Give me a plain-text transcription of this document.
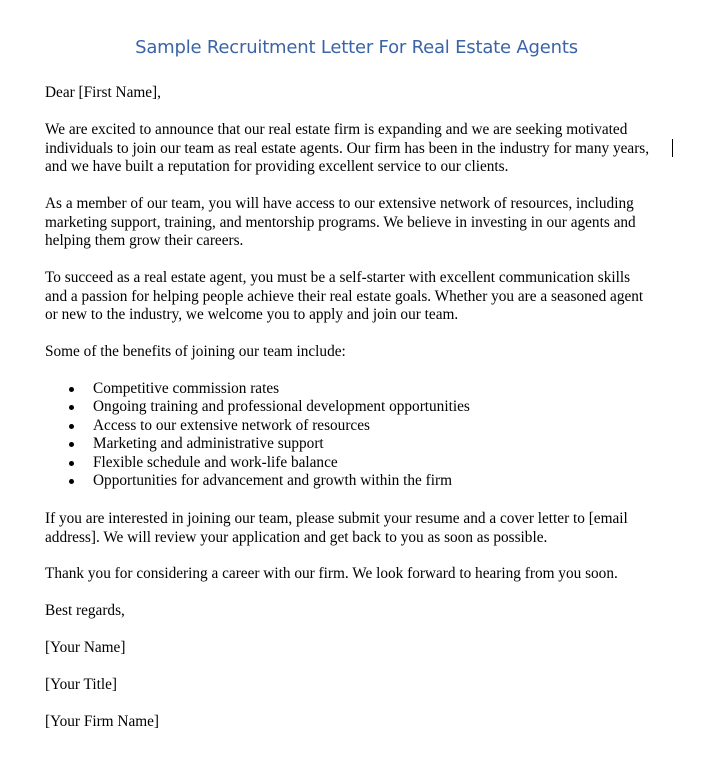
Sample Recruitment Letter For Real Estate Agents

Dear [First Name],

We are excited to announce that our real estate firm is expanding and we are seeking motivated
individuals to join our team as real estate agents. Our firm has been in the industry for many years,
and we have built a reputation for providing excellent service to our clients.

As a member of our team, you will have access to our extensive network of resources, including
marketing support, training, and mentorship programs. We believe in investing in our agents and
helping them grow their careers.

To succeed as a real estate agent, you must be a self-starter with excellent communication skills
and a passion for helping people achieve their real estate goals. Whether you are a seasoned agent
or new to the industry, we welcome you to apply and join our team.

Some of the benefits of joining our team include:

Competitive commission rates
Ongoing training and professional development opportunities
Access to our extensive network of resources
Marketing and administrative support
Flexible schedule and work-life balance
Opportunities for advancement and growth within the firm

If you are interested in joining our team, please submit your resume and a cover letter to [email
address]. We will review your application and get back to you as soon as possible.

Thank you for considering a career with our firm. We look forward to hearing from you soon.

Best regards,

[Your Name]

[Your Title]

[Your Firm Name]
